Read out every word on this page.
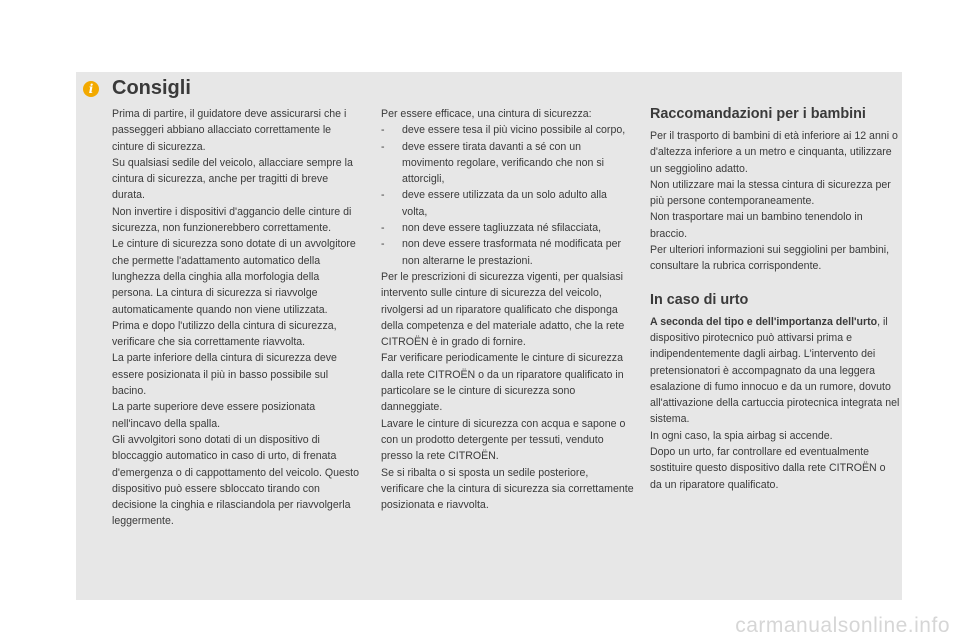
i Consigli

Prima di partire, il guidatore deve assicurarsi che i passeggeri abbiano allacciato correttamente le cinture di sicurezza.

Su qualsiasi sedile del veicolo, allacciare sempre la cintura di sicurezza, anche per tragitti di breve durata.

Non invertire i dispositivi d'aggancio delle cinture di sicurezza, non funzionerebbero correttamente.

Le cinture di sicurezza sono dotate di un avvolgitore che permette l'adattamento automatico della lunghezza della cinghia alla morfologia della persona. La cintura di sicurezza si riavvolge automaticamente quando non viene utilizzata.

Prima e dopo l'utilizzo della cintura di sicurezza, verificare che sia correttamente riavvolta.

La parte inferiore della cintura di sicurezza deve essere posizionata il più in basso possibile sul bacino.

La parte superiore deve essere posizionata nell'incavo della spalla.

Gli avvolgitori sono dotati di un dispositivo di bloccaggio automatico in caso di urto, di frenata d'emergenza o di cappottamento del veicolo. Questo dispositivo può essere sbloccato tirando con decisione la cinghia e rilasciandola per riavvolgerla leggermente.

Per essere efficace, una cintura di sicurezza:

- deve essere tesa il più vicino possibile al corpo,
- deve essere tirata davanti a sé con un movimento regolare, verificando che non si attorcigli,
- deve essere utilizzata da un solo adulto alla volta,
- non deve essere tagliuzzata né sfilacciata,
- non deve essere trasformata né modificata per non alterarne le prestazioni.

Per le prescrizioni di sicurezza vigenti, per qualsiasi intervento sulle cinture di sicurezza del veicolo, rivolgersi ad un riparatore qualificato che disponga della competenza e del materiale adatto, che la rete CITROËN è in grado di fornire.

Far verificare periodicamente le cinture di sicurezza dalla rete CITROËN o da un riparatore qualificato in particolare se le cinture di sicurezza sono danneggiate.

Lavare le cinture di sicurezza con acqua e sapone o con un prodotto detergente per tessuti, venduto presso la rete CITROËN.

Se si ribalta o si sposta un sedile posteriore, verificare che la cintura di sicurezza sia correttamente posizionata e riavvolta.

Raccomandazioni per i bambini

Per il trasporto di bambini di età inferiore ai 12 anni o d'altezza inferiore a un metro e cinquanta, utilizzare un seggiolino adatto.

Non utilizzare mai la stessa cintura di sicurezza per più persone contemporaneamente.

Non trasportare mai un bambino tenendolo in braccio.

Per ulteriori informazioni sui seggiolini per bambini, consultare la rubrica corrispondente.

In caso di urto

A seconda del tipo e dell'importanza dell'urto, il dispositivo pirotecnico può attivarsi prima e indipendentemente dagli airbag. L'intervento dei pretensionatori è accompagnato da una leggera esalazione di fumo innocuo e da un rumore, dovuto all'attivazione della cartuccia pirotecnica integrata nel sistema.

In ogni caso, la spia airbag si accende.

Dopo un urto, far controllare ed eventualmente sostituire questo dispositivo dalla rete CITROËN o da un riparatore qualificato.

carmanualsonline.info
